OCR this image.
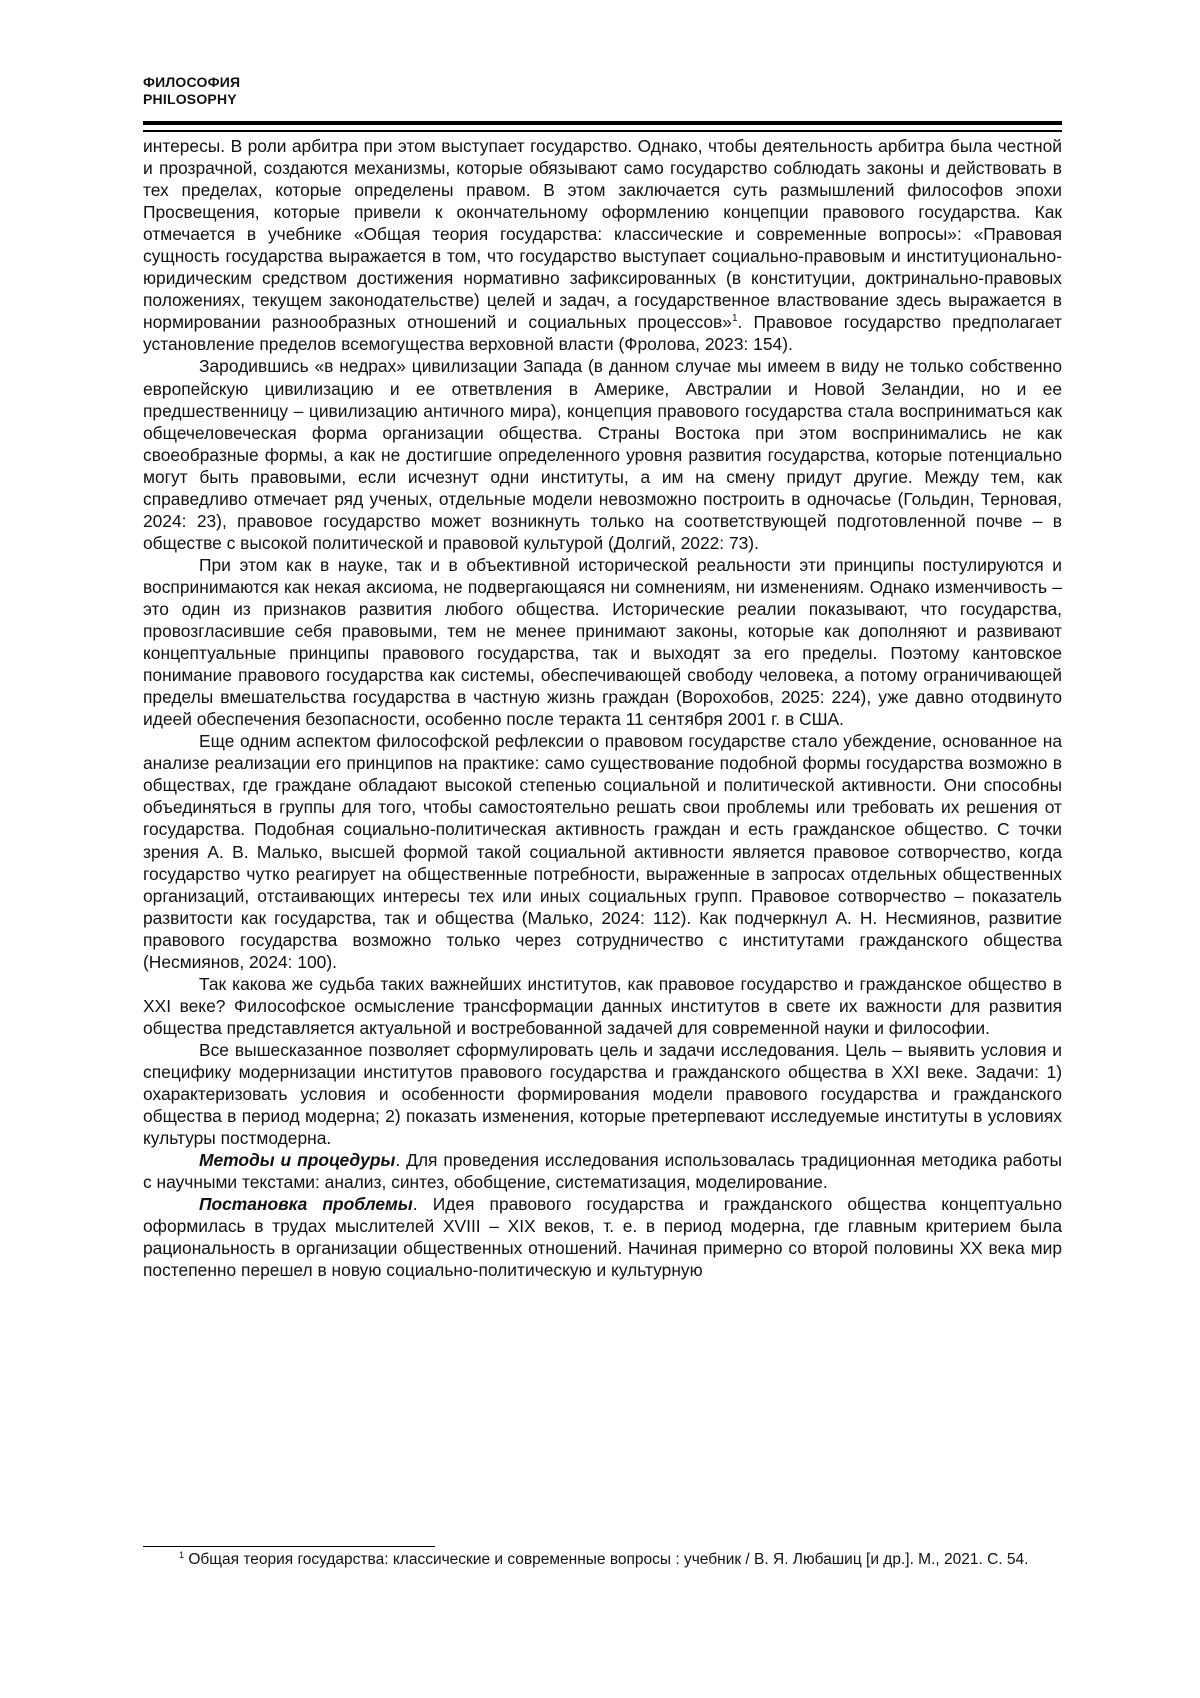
ФИЛОСОФИЯ
PHILOSOPHY

интересы. В роли арбитра при этом выступает государство. Однако, чтобы деятельность арбитра была честной и прозрачной, создаются механизмы, которые обязывают само государство соблюдать законы и действовать в тех пределах, которые определены правом. В этом заключается суть размышлений философов эпохи Просвещения, которые привели к окончательному оформлению концепции правового государства. Как отмечается в учебнике «Общая теория государства: классические и современные вопросы»: «Правовая сущность государства выражается в том, что государство выступает социально-правовым и институционально-юридическим средством достижения нормативно зафиксированных (в конституции, доктринально-правовых положениях, текущем законодательстве) целей и задач, а государственное властвование здесь выражается в нормировании разнообразных отношений и социальных процессов»$^1$. Правовое государство предполагает установление пределов всемогущества верховной власти (Фролова, 2023: 154).

Зародившись «в недрах» цивилизации Запада (в данном случае мы имеем в виду не только собственно европейскую цивилизацию и ее ответвления в Америке, Австралии и Новой Зеландии, но и ее предшественницу – цивилизацию античного мира), концепция правового государства стала восприниматься как общечеловеческая форма организации общества. Страны Востока при этом воспринимались не как своеобразные формы, а как не достигшие определенного уровня развития государства, которые потенциально могут быть правовыми, если исчезнут одни институты, а им на смену придут другие. Между тем, как справедливо отмечает ряд ученых, отдельные модели невозможно построить в одночасье (Гольдин, Терновая, 2024: 23), правовое государство может возникнуть только на соответствующей подготовленной почве – в обществе с высокой политической и правовой культурой (Долгий, 2022: 73).

При этом как в науке, так и в объективной исторической реальности эти принципы постулируются и воспринимаются как некая аксиома, не подвергающаяся ни сомнениям, ни изменениям. Однако изменчивость – это один из признаков развития любого общества. Исторические реалии показывают, что государства, провозгласившие себя правовыми, тем не менее принимают законы, которые как дополняют и развивают концептуальные принципы правового государства, так и выходят за его пределы. Поэтому кантовское понимание правового государства как системы, обеспечивающей свободу человека, а потому ограничивающей пределы вмешательства государства в частную жизнь граждан (Ворохобов, 2025: 224), уже давно отодвинуто идеей обеспечения безопасности, особенно после теракта 11 сентября 2001 г. в США.

Еще одним аспектом философской рефлексии о правовом государстве стало убеждение, основанное на анализе реализации его принципов на практике: само существование подобной формы государства возможно в обществах, где граждане обладают высокой степенью социальной и политической активности. Они способны объединяться в группы для того, чтобы самостоятельно решать свои проблемы или требовать их решения от государства. Подобная социально-политическая активность граждан и есть гражданское общество. С точки зрения А. В. Малько, высшей формой такой социальной активности является правовое сотворчество, когда государство чутко реагирует на общественные потребности, выраженные в запросах отдельных общественных организаций, отстаивающих интересы тех или иных социальных групп. Правовое сотворчество – показатель развитости как государства, так и общества (Малько, 2024: 112). Как подчеркнул А. Н. Несмиянов, развитие правового государства возможно только через сотрудничество с институтами гражданского общества (Несмиянов, 2024: 100).

Так какова же судьба таких важнейших институтов, как правовое государство и гражданское общество в XXI веке? Философское осмысление трансформации данных институтов в свете их важности для развития общества представляется актуальной и востребованной задачей для современной науки и философии.

Все вышесказанное позволяет сформулировать цель и задачи исследования. Цель – выявить условия и специфику модернизации институтов правового государства и гражданского общества в XXI веке. Задачи: 1) охарактеризовать условия и особенности формирования модели правового государства и гражданского общества в период модерна; 2) показать изменения, которые претерпевают исследуемые институты в условиях культуры постмодерна.

Методы и процедуры. Для проведения исследования использовалась традиционная методика работы с научными текстами: анализ, синтез, обобщение, систематизация, моделирование.

Постановка проблемы. Идея правового государства и гражданского общества концептуально оформилась в трудах мыслителей XVIII – XIX веков, т. е. в период модерна, где главным критерием была рациональность в организации общественных отношений. Начиная примерно со второй половины XX века мир постепенно перешел в новую социально-политическую и культурную

$^1$ Общая теория государства: классические и современные вопросы : учебник / В. Я. Любашиц [и др.]. М., 2021. С. 54.
